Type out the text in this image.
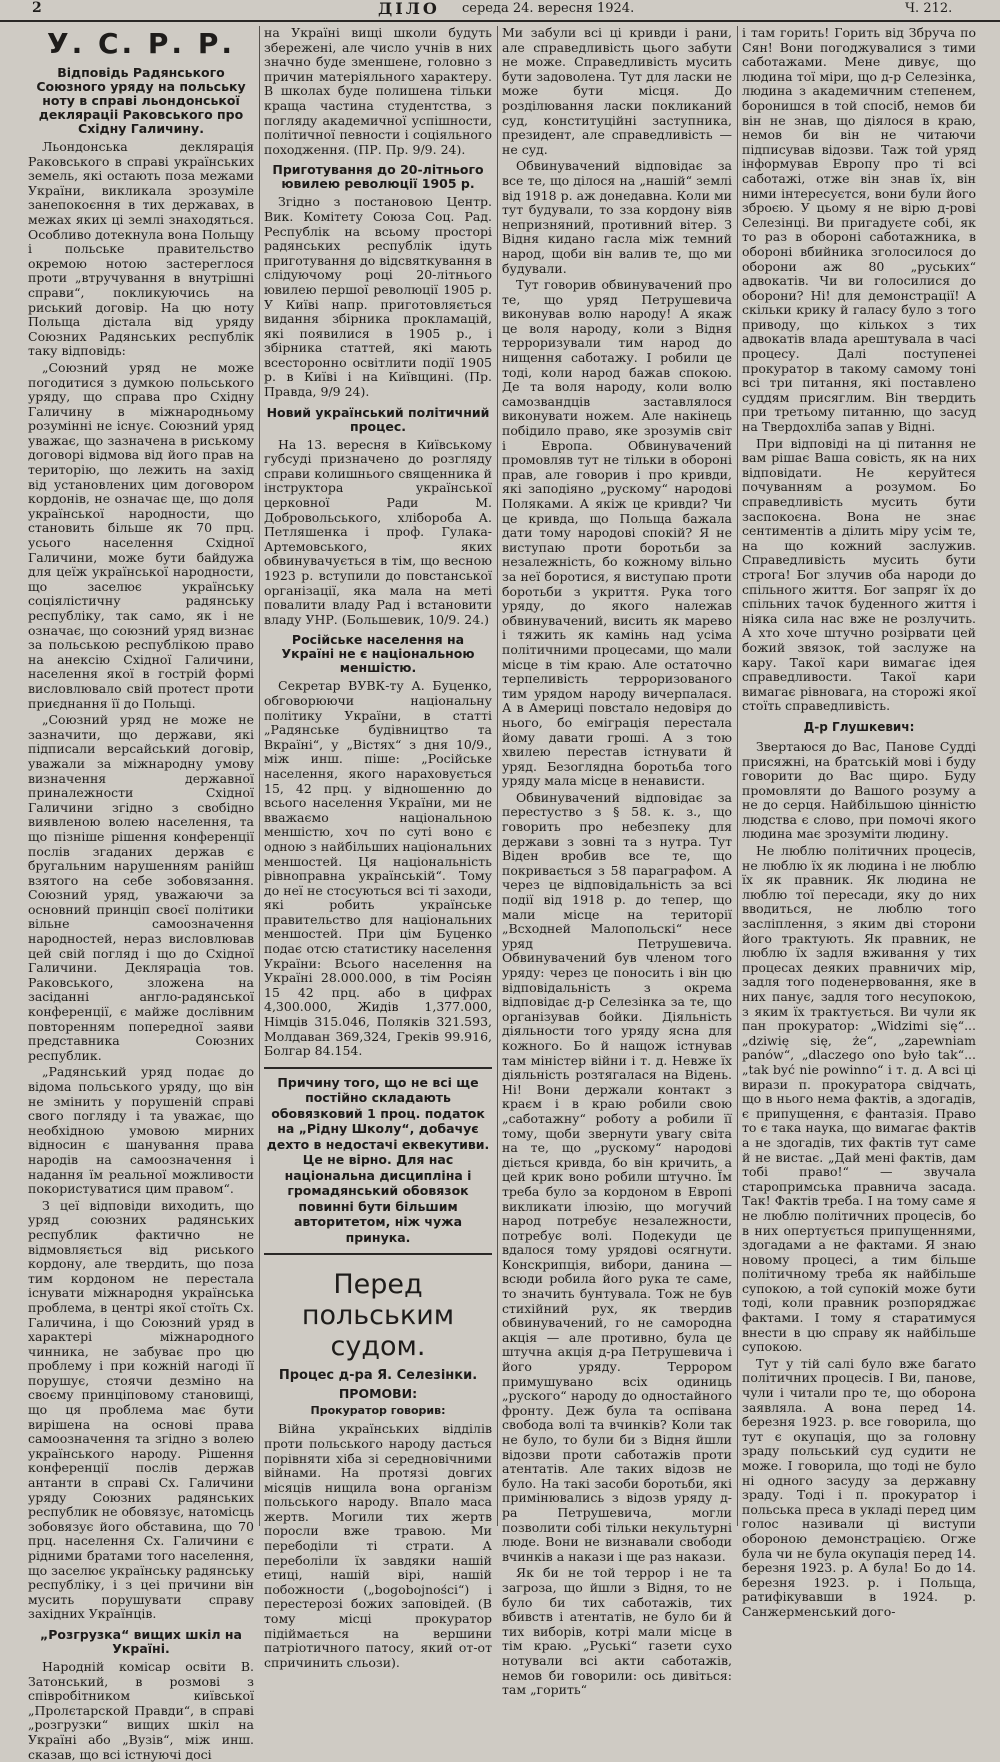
2	ДІЛО середа 24. вересня 1924.	Ч. 212.
У. С. Р. Р.
Відповідь Радянського Союзного уряду на польську ноту в справі льондонської декляраціі Раковського про Східну Галичину.

Льондонська деклярація Раковського в справі українських земель, які остають поза межами України, викликала зрозуміле занепокоєння в тих державах, в межах яких ці землі знаходяться. Особливо дотекнула вона Польщу і польське правительство окремою нотою застереглося проти „втручування в внутрішні справи“, покликуючись на риський договір. На цю ноту Польща дістала від уряду Союзних Радянських республік таку відповідь:

„Союзний уряд не може погодитися з думкою польського уряду, що справа про Східну Галичину в міжнародньому розумінні не існує. Союзний уряд уважає, що зазначена в риському договорі відмова від його прав на територію, що лежить на захід від установлених цим договором кордонів, не означає ще, що доля української народности, що становить більше як 70 прц. усього населення Східної Галичини, може бути байдужа для цеїж української народности, що заселює українську соціялістичну радянську республіку, так само, як і не означає, що союзний уряд визнає за польською республікою право на анексію Східної Галичини, населення якої в гострій формі висловлювало свій протест проти приєднання її до Польщі.

„Союзний уряд не може не зазначити, що держави, які підписали версайський договір, уважали за міжнародну умову визначення державної приналежности Східної Галичини згідно з свобідно виявленою волею населення, та що пізніше рішення конференції послів згаданих держав є бругальним нарушенням ранійш взятого на себе зобовязання. Союзний уряд, уважаючи за основний принціп своєї політики вільне самоозначення народностей, нераз висловлював цей свій погляд і що до Східної Галичини. Декляраціа тов. Раковського, зложена на засіданні англо-радянської конференції, є майже дослівним повторенням попередної заяви представника Союзних республик.

„Радянський уряд подає до відома польського уряду, що він не змінить у порушеній справі свого погляду і та уважає, що необхідною умовою мирних відносин є шанування права народів на самоозначення і надання їм реальної можливости покористуватися цим правом“.

З цеї відповіди виходить, що уряд союзних радянських республик фактично не відмовляється від риського кордону, але твердить, що поза тим кордоном не перестала існувати міжнародня українська проблема, в центрі якої стоїть Сх. Галичина, і що Союзний уряд в характері міжнародного чинника, не забуває про цю проблему і при кожній нагоді її порушує, стоячи дезміно на своєму принціповому становищі, що ця проблема має бути вирішена на основі права самоозначення та згідно з волею українського народу. Рішення конференції послів держав антанти в справі Сх. Галичини уряду Союзних радянських республик не обовязує, натомісць зобовязує його обставина, що 70 прц. населення Сх. Галичини є рідними братами того населення, що заселює українську радянську республіку, і з цеі причини він мусить порушувати справу західних Українців.

„Розгрузка“ вищих шкіл на Україні.

Народній комісар освіти В. Затонський, в розмові з співробітником київської „Пролєтарской Правди“, в справі „розгрузки“ вищих шкіл на Україні або „Вузів“, між инш. сказав, що всі істнуючі досі

на Україні вищі школи будуть збережені, але число учнів в них значно буде зменшене, головно з причин матеріяльного характеру. В школах буде полишена тільки краща частина студентства, з погляду академичної успішности, політичної певности і соціяльного походження. (ПР. Пр. 9/9. 24).

Приготування до 20-літнього ювилею революції 1905 р.

Згідно з постановою Центр. Вик. Комітету Союза Соц. Рад. Республік на всьому просторі радянських республік ідуть приготування до відсвяткування в слідуючому році 20-літнього ювилею першої революції 1905 р. У Київі напр. приготовляється видання збірника прокламацій, які появилися в 1905 р., і збірника статтей, які мають всесторонно освітлити події 1905 р. в Київі і на Київщині. (Пр. Правда, 9/9 24).

Новий український політичний процес.

На 13. вересня в Київському губсуді призначено до розгляду справи колишнього священника й інструктора української церковної Ради М. Добровольського, хлібороба А. Петляшенка і проф. Гулака-Артемовського, яких обвинувачується в тім, що весною 1923 р. вступили до повстанської організації, яка мала на меті повалити владу Рад і встановити владу УНР. (Большевик, 10/9. 24.)

Російське населення на Україні не є національною меншістю.

Секретар ВУВК-ту А. Буценко, обговорюючи національну політику України, в статті „Радянське будівництво та Вкраїні“, у „Вістях“ з дня 10/9., між инш. піше: „Російське населення, якого нараховується 15, 42 прц. у відношенню до всього населення України, ми не вважаємо національною меншістю, хоч по суті воно є одною з найбільших національних меншостей. Ця національність рівноправна українській“. Тому до неї не стосуються всі ті заходи, які робить українське правительство для національних меншостей. При цім Буценко подає отсю статистику населення України: Всього населення на Україні 28.000.000, в тім Росіян 15 42 прц. або в цифрах 4,300.000, Жидів 1,377.000, Німців 315.046, Поляків 321.593, Молдаван 369,324, Греків 99.916, Болгар 84.154.

Причину того, що не всі ще постійно складають обовязковий 1 проц. податок на „Рідну Школу“, добачує дехто в недостачі еквекутиви. Це не вірно. Для нас національна дисципліна і громадянський обовязок повинні бути більшим авторитетом, ніж чужа принука.

Перед польським судом.
Процес д-ра Я. Селезінки.
ПРОМОВИ:
Прокуратор говорив:

Війна українських відділів проти польського народу дасться порівняти хіба зі середновічними війнами. На протязі довгих місяців нищила вона організм польського народу. Впало маса жертв. Могили тих жертв поросли вже травою. Ми перебоділи ті страти. А переболіли їх завдяки нашій етиці, нашій вірі, нашій побожности („bogobojności“) і перестерозі божих заповідей. (В тому місці прокуратор підіймається на вершини патріотичного патосу, який от-от спричинить сльози).

Ми забули всі ці кривди і рани, але справедливість цього забути не може. Справедливість мусить бути задоволена. Тут для ласки не може бути місця. До розділювання ласки покликаний суд, конституційні заступника, президент, але справедливість — не суд.

Обвинувачений відповідає за все те, що ділося на „нашій“ землі від 1918 р. аж донедавна. Коли ми тут будували, то зза кордону віяв непризняний, противний вітер. З Відня кидано гасла між темний народ, щоби він валив те, що ми будували.

Тут говорив обвинувачений про те, що уряд Петрушевича виконував волю народу! А якаж це воля народу, коли з Відня терроризували тим народ до нищення саботажу. І робили це тоді, коли народ бажав спокою. Де та воля народу, коли волю самозвандців заставлялося виконувати ножем. Але накінець побідило право, яке зрозумів світ і Европа. Обвинувачений промовляв тут не тільки в обороні прав, але говорив і про кривди, які заподіяно „рускому“ народові Поляками. А якіж це кривди? Чи це кривда, що Польща бажала дати тому народові спокій? Я не виступаю проти боротьби за незалежність, бо кожному вільно за неї боротися, я виступаю проти боротьби з укриття. Рука того уряду, до якого належав обвинувачений, висить як марево і тяжить як камінь над усіма політичними процесами, що мали місце в тім краю. Але остаточно терпеливість терроризованого тим урядом народу вичерпалася. А в Америці повстало недовіря до нього, бо еміграція перестала йому давати гроші. А з тою хвилею перестав істнувати й уряд. Безоглядна боротьба того уряду мала місце в ненависти.

Обвинувачений відповідає за перестуство з § 58. к. з., що говорить про небезпеку для держави з зовні та з нутра. Тут Віден вробив все те, що покривається з 58 параграфом. А через це відповідальність за всі події від 1918 р. до тепер, що мали місце на території „Всходней Малопольскі“ несе уряд Петрушевича. Обвинувачений був членом того уряду: через це поносить і він цю відповідальність з окрема відповідає д-р Селезінка за те, що організував бойки. Діяльність діяльности того уряду ясна для кожного. Бо й нащож істнував там міністер війни і т. д. Невже їх діяльність розтягалася на Відень. Ні! Вони держали контакт з краєм і в краю робили свою „саботажну“ роботу а робили її тому, щоби звернути увагу світа на те, що „рускому“ народові діється кривда, бо він кричить, а цей крик воно робили штучно. Їм треба було за кордоном в Европі викликати ілюзію, що могучий народ потребує незалежности, потребує волі. Подекуди це вдалося тому урядові осягнути. Конскрипція, вибори, данина — всюди робила його рука те саме, то значить бунтувала. Тож не був стихійний рух, як твердив обвинувачений, го не самородна акція — але противно, була це штучна акція д-ра Петрушевича і його уряду. Террором примушувано всіх одиниць „руского“ народу до одностайного фронту. Деж була та оспівана свобода волі та вчинків? Коли так не було, то були би з Відня йшли відозви проти саботажів проти атентатів. Але таких відозв не було. На такі засоби боротьби, які примінювались з відозв уряду д-ра Петрушевича, могли позволити собі тільки некультурні люде. Вони не визнавали свободи вчинків а накази і ще раз накази.

Як би не той террор і не та загроза, що йшли з Відня, то не було би тих саботажів, тих вбивств і атентатів, не було би й тих виборів, котрі мали місце в тім краю. „Руські“ газети сухо нотували всі акти саботажів, немов би говорили: ось дивіться: там „горить“

і там горить! Горить від Збруча по Сян! Вони погоджувалися з тими саботажами. Мене дивує, що людина тої міри, що д-р Селезінка, людина з академичним степенем, боронишся в той спосіб, немов би він не знав, що діялося в краю, немов би він не читаючи підписував відозви. Таж той уряд інформував Европу про ті всі саботажі, отже він знав їх, він ними інтересуєтся, вони були його зброєю. У цьому я не вірю д-рові Селезінці. Ви пригадуєте собі, як то раз в обороні саботажника, в обороні вбийника зголосилося до оборони аж 80 „руських“ адвокатів. Чи ви голосилися до оборони? Ні! для демонстрації! А скільки крику й галасу було з того приводу, що кількох з тих адвокатів влада арештувала в часі процесу. Далі поступенеі прокуратор в такому самому тоні всі три питання, які поставлено суддям присяглим. Він твердить при третьому питанню, що засуд на Твердохліба запав у Відні.

При відповіді на ці питання не вам рішає Ваша совість, як на них відповідати. Не керуйтеся почуванням а розумом. Бо справедливість мусить бути заспокоєна. Вона не знає сентиментів а ділить міру усім те, на що кожний заслужив. Справедливість мусить бути строга! Бог злучив оба народи до спільного життя. Бог запряг їх до спільних тачок буденного життя і ніяка сила нас вже не розлучить. А хто хоче штучно розірвати цей божий звязок, той заслуже на кару. Такої кари вимагає ідея справедливости. Такої кари вимагає рівновага, на сторожі якої стоїть справедливість.

Д-р Глушкевич:

Звертаюся до Вас, Панове Судді присяжні, на братській мові і буду говорити до Вас щиро. Буду промовляти до Вашого розуму а не до серця. Найбільшою цінністю людства є слово, при помочі якого людина має зрозуміти людину.

Не люблю політичних процесів, не люблю їх як людина і не люблю їх як правник. Як людина не люблю тої пересади, яку до них вводиться, не люблю того засліплення, з яким дві сторони його трактують. Як правник, не люблю їх задля вживання у тих процесах деяких правничих мір, задля того поденервовання, яке в них панує, задля того несупокою, з яким їх трактується. Ви чули як пан прокуратор: „Widzimi się“... „dziwię się, że“, „zapewniam panów“, „dlaczego ono było tak“... „tak być nie powinno“ і т. д. А всі ці вирази п. прокуратора свідчать, що в нього нема фактів, а здогадів, є припущення, є фантазія. Право то є така наука, що вимагає фактів а не здогадів, тих фактів тут саме й не вистає. „Дай мені фактів, дам тобі право!“ — звучала старопримська правнича засада. Так! Фактів треба. І на тому саме я не люблю політичних процесів, бо в них опертується припущеннями, здогадами а не фактами. Я знаю новому процесі, а тим більше політичному треба як найбільше супокою, а той супокій може бути тоді, коли правник розпоряджає фактами. І тому я старатимуся внести в цю справу як найбільше супокою.

Тут у тій салі було вже багато політичних процесів. І Ви, панове, чули і читали про те, що оборона заявляла. А вона перед 14. березня 1923. р. все говорила, що тут є окупація, що за головну зраду польський суд судити не може. І говорила, що тоді не було ні одного засуду за державну зраду. Тоді і п. прокуратор і польська преса в укладі перед цим голос називали ці виступи обороною демонстрацією. Огже була чи не була окупація перед 14. березня 1923. р. А була! Бо до 14. березня 1923. р. і Польща, ратифікувавши в 1924. р. Санжерменський дого-
